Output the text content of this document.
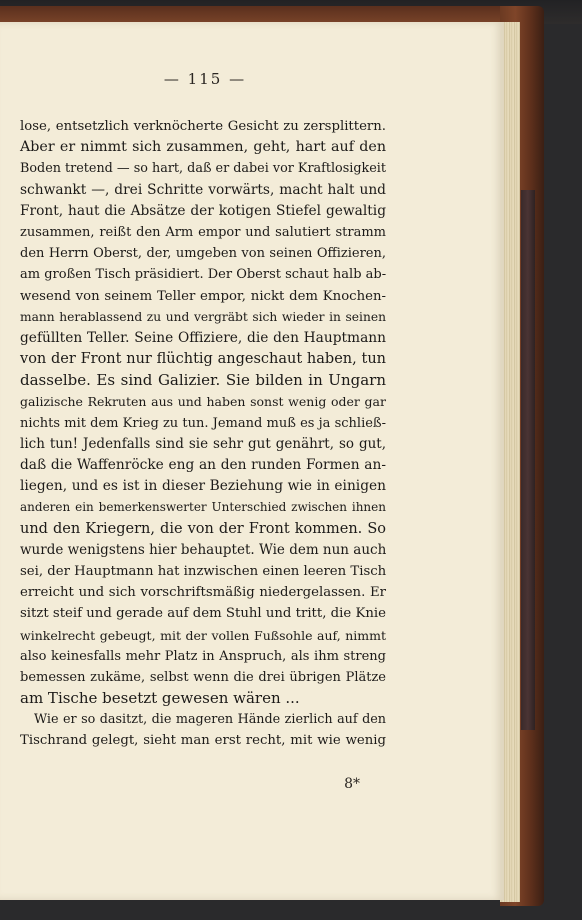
— 115 —
lose, entsetzlich verknöcherte Gesicht zu zersplittern.
Aber er nimmt sich zusammen, geht, hart auf den
Boden tretend — so hart, daß er dabei vor Kraftlosigkeit
schwankt —, drei Schritte vorwärts, macht halt und
Front, haut die Absätze der kotigen Stiefel gewaltig
zusammen, reißt den Arm empor und salutiert stramm
den Herrn Oberst, der, umgeben von seinen Offizieren,
am großen Tisch präsidiert. Der Oberst schaut halb ab-
wesend von seinem Teller empor, nickt dem Knochen-
mann herablassend zu und vergräbt sich wieder in seinen
gefüllten Teller. Seine Offiziere, die den Hauptmann
von der Front nur flüchtig angeschaut haben, tun
dasselbe. Es sind Galizier. Sie bilden in Ungarn
galizische Rekruten aus und haben sonst wenig oder gar
nichts mit dem Krieg zu tun. Jemand muß es ja schließ-
lich tun! Jedenfalls sind sie sehr gut genährt, so gut,
daß die Waffenröcke eng an den runden Formen an-
liegen, und es ist in dieser Beziehung wie in einigen
anderen ein bemerkenswerter Unterschied zwischen ihnen
und den Kriegern, die von der Front kommen. So
wurde wenigstens hier behauptet. Wie dem nun auch
sei, der Hauptmann hat inzwischen einen leeren Tisch
erreicht und sich vorschriftsmäßig niedergelassen. Er
sitzt steif und gerade auf dem Stuhl und tritt, die Knie
winkelrecht gebeugt, mit der vollen Fußsohle auf, nimmt
also keinesfalls mehr Platz in Anspruch, als ihm streng
bemessen zukäme, selbst wenn die drei übrigen Plätze
am Tische besetzt gewesen wären ...
Wie er so dasitzt, die mageren Hände zierlich auf den
Tischrand gelegt, sieht man erst recht, mit wie wenig
8*
